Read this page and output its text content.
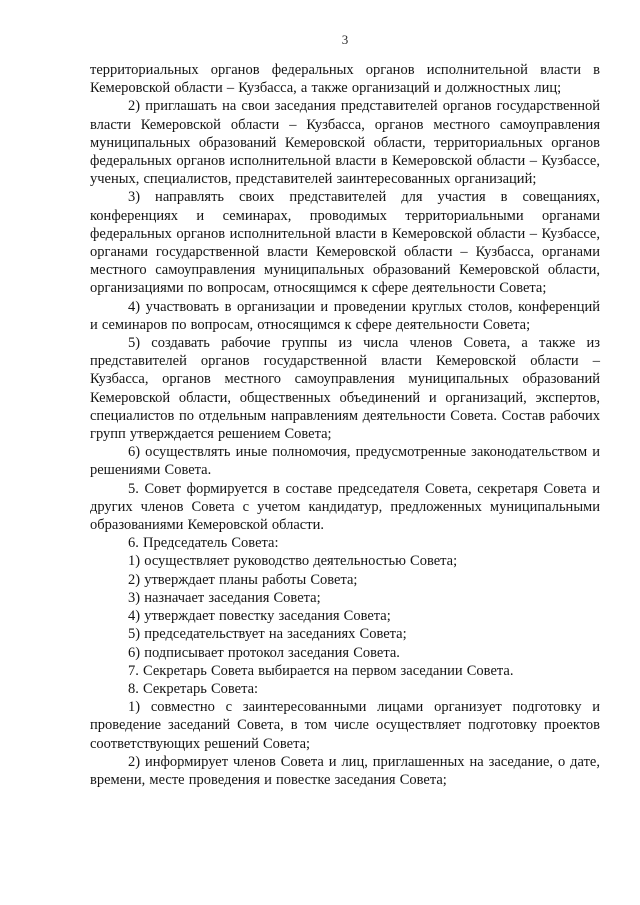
3

территориальных органов федеральных органов исполнительной власти в Кемеровской области – Кузбасса, а также организаций и должностных лиц;

2) приглашать на свои заседания представителей органов государственной власти Кемеровской области – Кузбасса, органов местного самоуправления муниципальных образований Кемеровской области, территориальных органов федеральных органов исполнительной власти в Кемеровской области – Кузбассе, ученых, специалистов, представителей заинтересованных организаций;

3) направлять своих представителей для участия в совещаниях, конференциях и семинарах, проводимых территориальными органами федеральных органов исполнительной власти в Кемеровской области – Кузбассе, органами государственной власти Кемеровской области – Кузбасса, органами местного самоуправления муниципальных образований Кемеровской области, организациями по вопросам, относящимся к сфере деятельности Совета;

4) участвовать в организации и проведении круглых столов, конференций и семинаров по вопросам, относящимся к сфере деятельности Совета;

5) создавать рабочие группы из числа членов Совета, а также из представителей органов государственной власти Кемеровской области – Кузбасса, органов местного самоуправления муниципальных образований Кемеровской области, общественных объединений и организаций, экспертов, специалистов по отдельным направлениям деятельности Совета. Состав рабочих групп утверждается решением Совета;

6) осуществлять иные полномочия, предусмотренные законодательством и решениями Совета.

5. Совет формируется в составе председателя Совета, секретаря Совета и других членов Совета с учетом кандидатур, предложенных муниципальными образованиями Кемеровской области.

6. Председатель Совета:

1) осуществляет руководство деятельностью Совета;

2) утверждает планы работы Совета;

3) назначает заседания Совета;

4) утверждает повестку заседания Совета;

5) председательствует на заседаниях Совета;

6) подписывает протокол заседания Совета.

7. Секретарь Совета выбирается на первом заседании Совета.

8. Секретарь Совета:

1) совместно с заинтересованными лицами организует подготовку и проведение заседаний Совета, в том числе осуществляет подготовку проектов соответствующих решений Совета;

2) информирует членов Совета и лиц, приглашенных на заседание, о дате, времени, месте проведения и повестке заседания Совета;
